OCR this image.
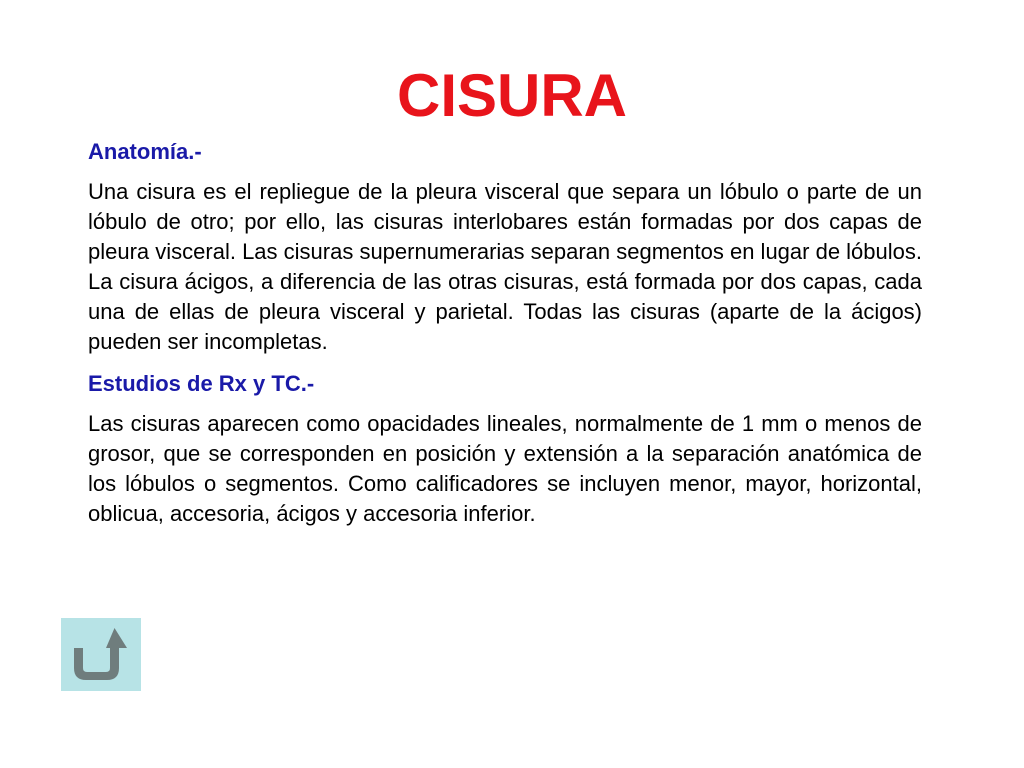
CISURA
Anatomía.-

Una cisura es el repliegue de la pleura visceral que separa un lóbulo o parte de un lóbulo de otro; por ello, las cisuras interlobares están formadas por dos capas de pleura visceral. Las cisuras supernumerarias separan segmentos en lugar de lóbulos. La cisura ácigos, a diferencia de las otras cisuras, está formada por dos capas, cada una de ellas de pleura visceral y parietal. Todas las cisuras (aparte de la ácigos) pueden ser incompletas.

Estudios de Rx y TC.-

Las cisuras aparecen como opacidades lineales, normalmente de 1 mm o menos de grosor, que se corresponden en posición y extensión a la separación anatómica de los lóbulos o segmentos. Como calificadores se incluyen menor, mayor, horizontal, oblicua, accesoria, ácigos y accesoria inferior.
